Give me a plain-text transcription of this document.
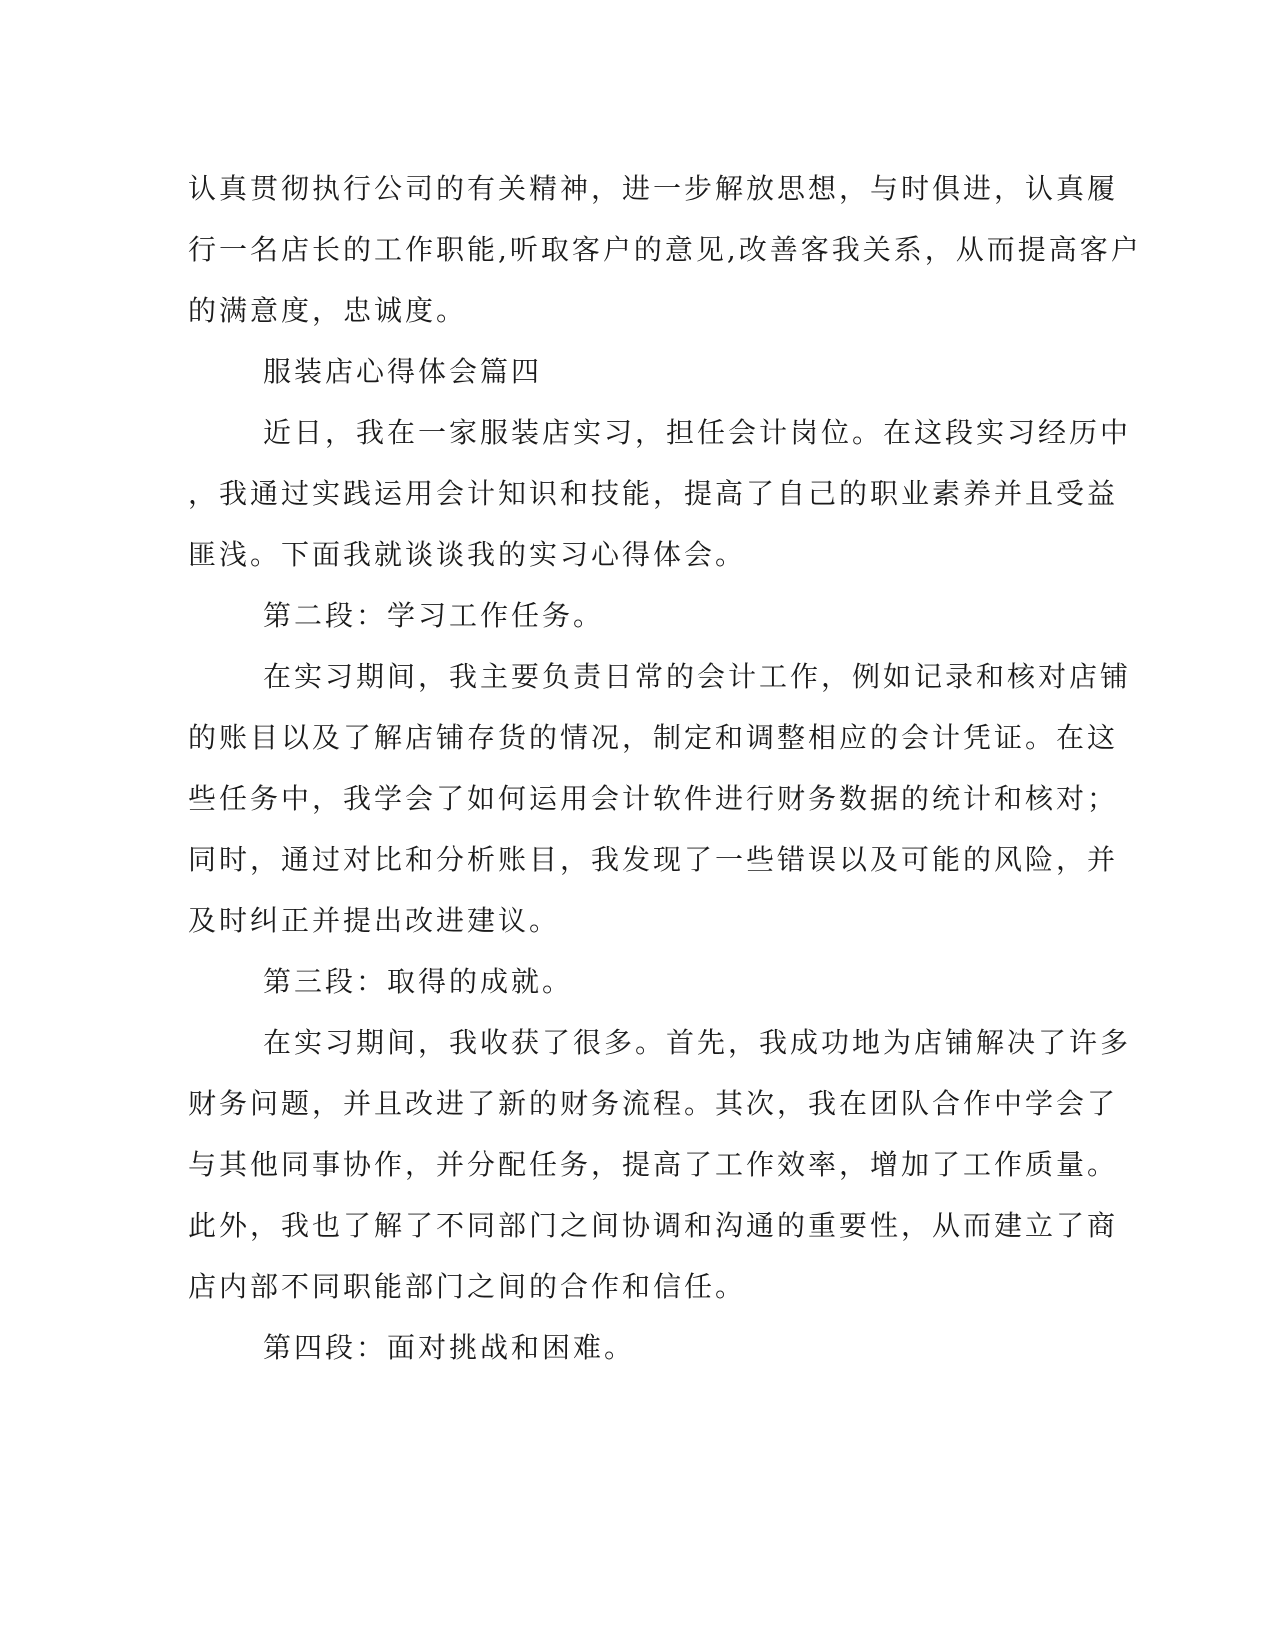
认真贯彻执行公司的有关精神，进一步解放思想，与时俱进，认真履
行一名店长的工作职能,听取客户的意见,改善客我关系，从而提高客户
的满意度，忠诚度。
服装店心得体会篇四
近日，我在一家服装店实习，担任会计岗位。在这段实习经历中
，我通过实践运用会计知识和技能，提高了自己的职业素养并且受益
匪浅。下面我就谈谈我的实习心得体会。
第二段：学习工作任务。
在实习期间，我主要负责日常的会计工作，例如记录和核对店铺
的账目以及了解店铺存货的情况，制定和调整相应的会计凭证。在这
些任务中，我学会了如何运用会计软件进行财务数据的统计和核对；
同时，通过对比和分析账目，我发现了一些错误以及可能的风险，并
及时纠正并提出改进建议。
第三段：取得的成就。
在实习期间，我收获了很多。首先，我成功地为店铺解决了许多
财务问题，并且改进了新的财务流程。其次，我在团队合作中学会了
与其他同事协作，并分配任务，提高了工作效率，增加了工作质量。
此外，我也了解了不同部门之间协调和沟通的重要性，从而建立了商
店内部不同职能部门之间的合作和信任。
第四段：面对挑战和困难。
